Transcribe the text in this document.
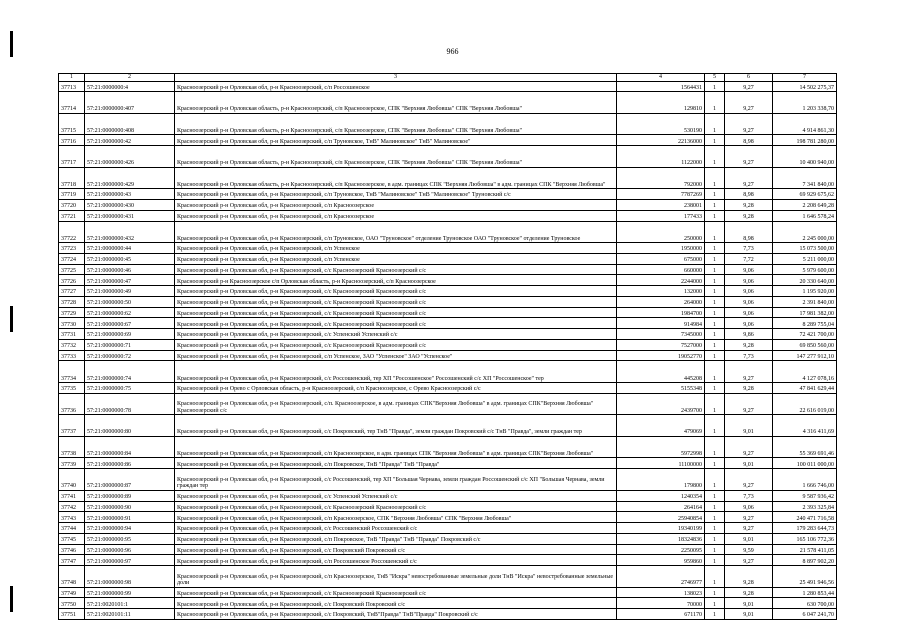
966
1	2	3	4	5	6	7
37713	57:21:0000000:4	Красноозерский р-н Орловская обл, р-н Красноозерский, с/п Россошенское	1564431	1	9,27	14 502 275,37
37714	57:21:0000000:407	Красноозерский р-н Орловская область, р-н Красноозерский, с/п Красноозерское, СПК "Верхняя Любовша" СПК "Верхняя Любовша"	129810	1	9,27	1 203 338,70
37715	57:21:0000000:408	Красноозерский р-н Орловская область, р-н Красноозерский, с/п Красноозерское, СПК "Верхняя Любовша" СПК "Верхняя Любовша"	530190	1	9,27	4 914 861,30
37716	57:21:0000000:42	Красноозерский р-н Орловская обл, р-н Красноозерский, с/п Труновское, ТнВ" Малиновское" ТнВ" Малиновское"	22136000	1	8,98	198 781 280,00
37717	57:21:0000000:426	Красноозерский р-н Орловская область, р-н Красноозерский, с/п Красноозерское, СПК "Верхняя Любовша" СПК "Верхняя Любовша"	1122000	1	9,27	10 400 940,00
37718	57:21:0000000:429	Красноозерский р-н Орловская область, р-н Красноозерский, с/п Красноозерское, в адм. границах СПК "Верхняя Любовша" в адм. границах СПК "Верхняя Любовша"	792000	1	9,27	7 341 840,00
37719	57:21:0000000:43	Красноозерский р-н Орловская обл, р-н Красноозерский, с/п Труновское, ТнВ "Малиновское" ТнВ "Малиновское" Труновский с/с	7787269	1	8,98	69 929 675,62
37720	57:21:0000000:430	Красноозерский р-н Орловская обл, р-н Красноозерский, с/п Красноозерское	238001	1	9,28	2 208 649,28
37721	57:21:0000000:431	Красноозерский р-н Орловская обл, р-н Красноозерский, с/п Красноозерское	177433	1	9,28	1 646 578,24
37722	57:21:0000000:432	Красноозерский р-н Орловская обл, р-н Красноозерский, с/п Труновское, ОАО "Труновское" отделение Труновское ОАО "Труновское" отделение Труновское	250000	1	8,98	2 245 000,00
37723	57:21:0000000:44	Красноозерский р-н Орловская обл, р-н Красноозерский, с/п Успенское	1950000	1	7,73	15 073 500,00
37724	57:21:0000000:45	Красноозерский р-н Орловская обл, р-н Красноозерский, с/п Успенское	675000	1	7,72	5 211 000,00
37725	57:21:0000000:46	Красноозерский р-н Орловская обл, р-н Красноозерский, с/с Красноозерский Красноозерский с/с	660000	1	9,06	5 979 600,00
37726	57:21:0000000:47	Красноозерский р-н Красноозерское с/п Орловская область, р-н Красноозерский, с/п Красноозерское	2244000	1	9,06	20 330 640,00
37727	57:21:0000000:49	Красноозерский р-н Орловская обл, р-н Красноозерский, с/с Красноозерский Красноозерский с/с	132000	1	9,06	1 195 920,00
37728	57:21:0000000:50	Красноозерский р-н Орловская обл, р-н Красноозерский, с/с Красноозерский Красноозерский с/с	264000	1	9,06	2 391 840,00
37729	57:21:0000000:62	Красноозерский р-н Орловская обл, р-н Красноозерский, с/с Красноозерский Красноозерский с/с	1984700	1	9,06	17 981 382,00
37730	57:21:0000000:67	Красноозерский р-н Орловская обл, р-н Красноозерский, с/с Красноозерский Красноозерский с/с	914984	1	9,06	8 289 755,04
37731	57:21:0000000:69	Красноозерский р-н Орловская обл, р-н Красноозерский, с/с Успенский Успенский с/с	7345000	1	9,86	72 421 700,00
37732	57:21:0000000:71	Красноозерский р-н Орловская обл, р-н Красноозерский, с/с Красноозерский Красноозерский с/с	7527000	1	9,28	69 850 560,00
37733	57:21:0000000:72	Красноозерский р-н Орловская обл, р-н Красноозерский, с/п Успенское, ЗАО "Успенское" ЗАО "Успенское"	19052770	1	7,73	147 277 912,10
37734	57:21:0000000:74	Красноозерский р-н Орловская обл, р-н Красноозерский, с/с Россошенский, тер ХП "Россошенское" Россошенский с/с ХП "Россошенское" тер	445208	1	9,27	4 127 078,16
37735	57:21:0000000:75	Красноозерский р-н Орево с Орловская область, р-н Красноозерский, с/п Красноозерское, с Орево Красноозерский с/с	5155348	1	9,28	47 841 629,44
37736	57:21:0000000:78	Красноозерский р-н Орловская обл, р-н Красноозерский, с/п. Красноозерское, в адм. границах СПК"Верхняя Любовша" в адм. границах СПК"Верхняя Любовша" Красноозерский с/с	2439700	1	9,27	22 616 019,00
37737	57:21:0000000:80	Красноозерский р-н Орловская обл, р-н Красноозерский, с/с Покровский, тер ТнВ "Правда", земли граждан Покровский с/с ТнВ "Правда", земли граждан тер	479069	1	9,01	4 316 411,69
37738	57:21:0000000:84	Красноозерский р-н Орловская обл, р-н Красноозерский, с/п Красноозерское, в адм. границах СПК "Верхняя Любовша" в адм. границах СПК"Верхняя Любовша"	5972998	1	9,27	55 369 691,46
37739	57:21:0000000:86	Красноозерский р-н Орловская обл, р-н Красноозерский, с/п Покровское, ТнВ "Правда" ТнВ "Правда"	11100000	1	9,01	100 011 000,00
37740	57:21:0000000:87	Красноозерский р-н Орловская обл, р-н Красноозерский, с/с Россошенский, тер ХП "Большая Чернава, земли граждан Россошенский с/с ХП "Большая Чернава, земли граждан тер	179800	1	9,27	1 666 746,00
37741	57:21:0000000:89	Красноозерский р-н Орловская обл, р-н Красноозерский, с/с Успенский Успенский с/с	1240354	1	7,73	9 587 936,42
37742	57:21:0000000:90	Красноозерский р-н Орловская обл, р-н Красноозерский, с/с Красноозерский Красноозерский с/с	264164	1	9,06	2 393 325,84
37743	57:21:0000000:91	Красноозерский р-н Орловская обл, р-н Красноозерский, с/п Красноозерское, СПК "Верхняя Любовша" СПК "Верхняя Любовша"	25940854	1	9,27	240 471 716,58
37744	57:21:0000000:94	Красноозерский р-н Орловская обл, р-н Красноозерский, с/с Россошенский Россошенский с/с	19340199	1	9,27	179 283 644,73
37745	57:21:0000000:95	Красноозерский р-н Орловская обл, р-н Красноозерский, с/п Покровское, ТнВ "Правда" ТнВ "Правда" Покровский с/с	18324836	1	9,01	165 106 772,36
37746	57:21:0000000:96	Красноозерский р-н Орловская обл, р-н Красноозерский, с/с Покровский Покровский с/с	2250095	1	9,59	21 578 411,05
37747	57:21:0000000:97	Красноозерский р-н Орловская обл, р-н Красноозерский, с/п Россошенское Россошенский с/с	959860	1	9,27	8 897 902,20
37748	57:21:0000000:98	Красноозерский р-н Орловская обл, р-н Красноозерский, с/п Красноозерское, ТнВ "Искра" невостребованные земельные доли ТнВ "Искра" невостребованные земельные доли	2746977	1	9,28	25 491 946,56
37749	57:21:0000000:99	Красноозерский р-н Орловская обл, р-н Красноозерский, с/с Красноозерский Красноозерский с/с	138023	1	9,28	1 280 853,44
37750	57:21:0020101:1	Красноозерский р-н Орловская обл, р-н Красноозерский, с/с Покровский Покровский с/с	70000	1	9,01	630 700,00
37751	57:21:0020101:11	Красноозерский р-н Орловская обл, р-н Красноозерский, с/с Покровский, ТнВ"Правда" ТнВ"Правда" Покровский с/с	671170	1	9,01	6 047 241,70
